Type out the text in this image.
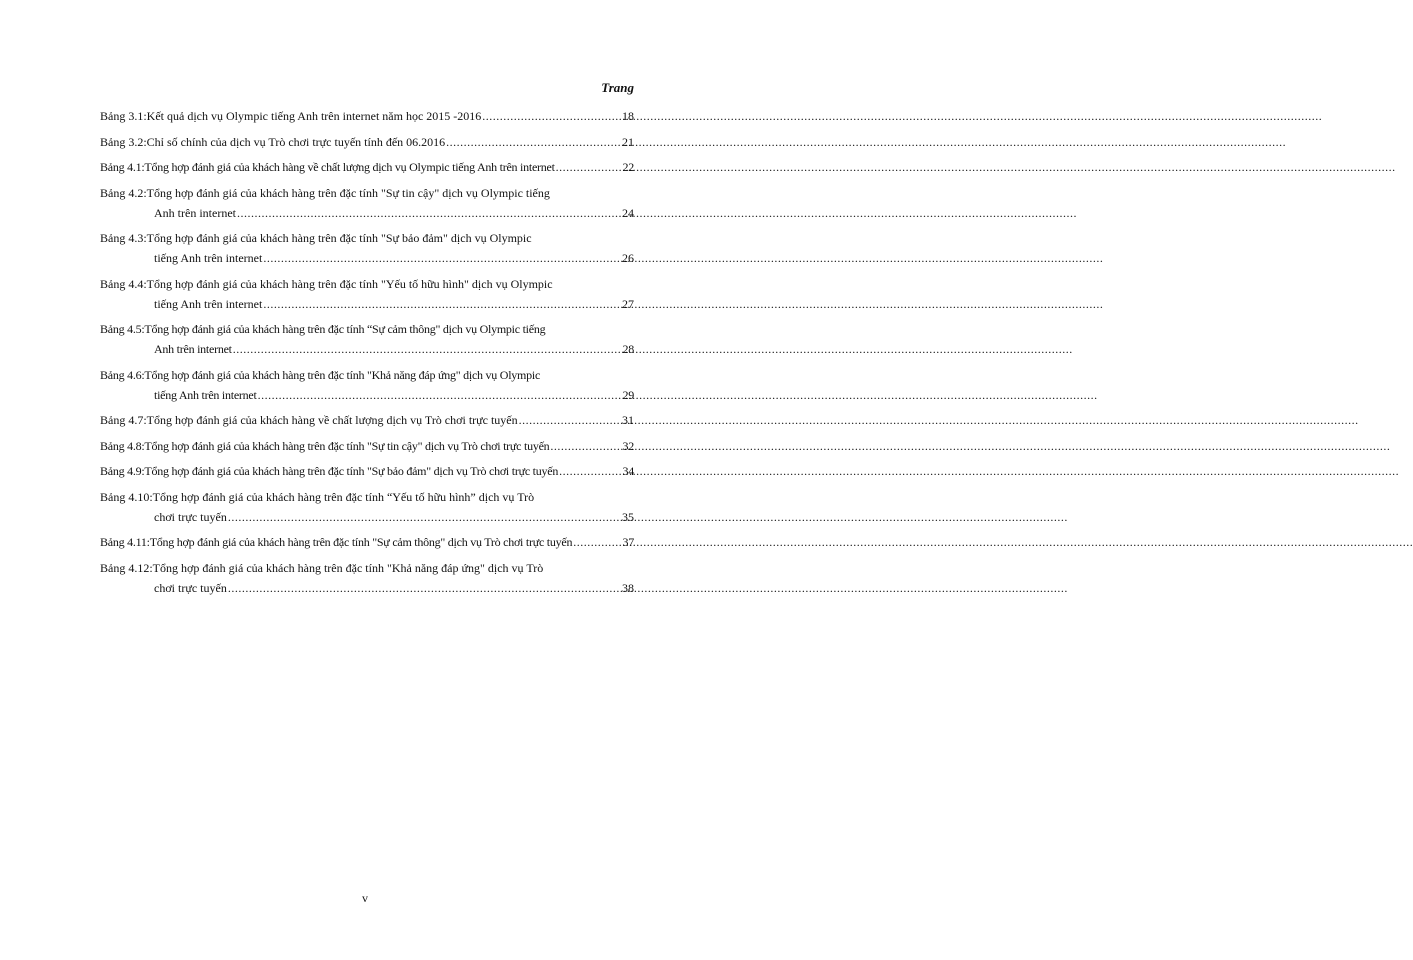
Trang
Bảng 3.1: Kết quả dịch vụ Olympic tiếng Anh trên internet năm học 2015 -2016 .....	18
Bảng 3.2: Chỉ số chính của dịch vụ Trò chơi trực tuyến tính đến 06.2016 .....	21
Bảng 4.1: Tổng hợp đánh giá của khách hàng về chất lượng dịch vụ Olympic tiếng Anh trên internet .....	22
Bảng 4.2: Tổng hợp đánh giá của khách hàng trên đặc tính "Sự tin cậy" dịch vụ Olympic tiếng
Anh trên internet .....	24
Bảng 4.3: Tổng hợp đánh giá của khách hàng trên đặc tính "Sự bảo đảm" dịch vụ Olympic
tiếng Anh trên internet .....	26
Bảng 4.4: Tổng hợp đánh giá của khách hàng trên đặc tính "Yếu tố hữu hình" dịch vụ Olympic
tiếng Anh trên internet .....	27
Bảng 4.5: Tổng hợp đánh giá của khách hàng trên đặc tính “Sự cảm thông" dịch vụ Olympic tiếng
Anh trên internet .....	28
Bảng 4.6: Tổng hợp đánh giá của khách hàng trên đặc tính "Khả năng đáp ứng" dịch vụ Olympic
tiếng Anh trên internet .....	29
Bảng 4.7: Tổng hợp đánh giá của khách hàng về chất lượng dịch vụ Trò chơi trực tuyến .....	31
Bảng 4.8: Tổng hợp đánh giá của khách hàng trên đặc tính "Sự tin cậy" dịch vụ Trò chơi trực tuyến .....	32
Bảng 4.9: Tổng hợp đánh giá của khách hàng trên đặc tính "Sự bảo đảm" dịch vụ Trò chơi trực tuyến .....	34
Bảng 4.10: Tổng hợp đánh giá của khách hàng trên đặc tính “Yếu tố hữu hình” dịch vụ Trò
chơi trực tuyến .....	35
Bảng 4.11: Tổng hợp đánh giá của khách hàng trên đặc tính "Sự cảm thông" dịch vụ Trò chơi trực tuyến .....	37
Bảng 4.12: Tổng hợp đánh giá của khách hàng trên đặc tính "Khả năng đáp ứng" dịch vụ Trò
chơi trực tuyến .....	38
v
